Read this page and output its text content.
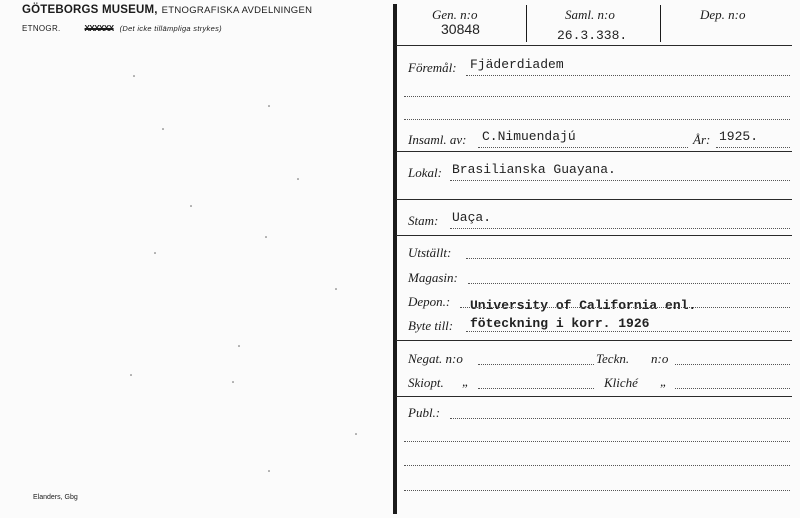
GÖTEBORGS MUSEUM, ETNOGRAFISKA AVDELNINGEN
ETNOGR.	XXXXXX (Det icke tillämpliga strykes)
Elanders, Gbg
Gen. n:o
30848
Saml. n:o
26.3.338.
Dep. n:o
Föremål: Fjäderdiadem
Insaml. av: C.Nimuendajú	År: 1925.
Lokal: Brasilianska Guayana.
Stam: Uaça.
Utställt:
Magasin:
Depon.: University of California enl.
Byte till: föteckning i korr. 1926
Negat. n:o	Teckn. n:o
Skiopt. „	Kliché „
Publ.:
